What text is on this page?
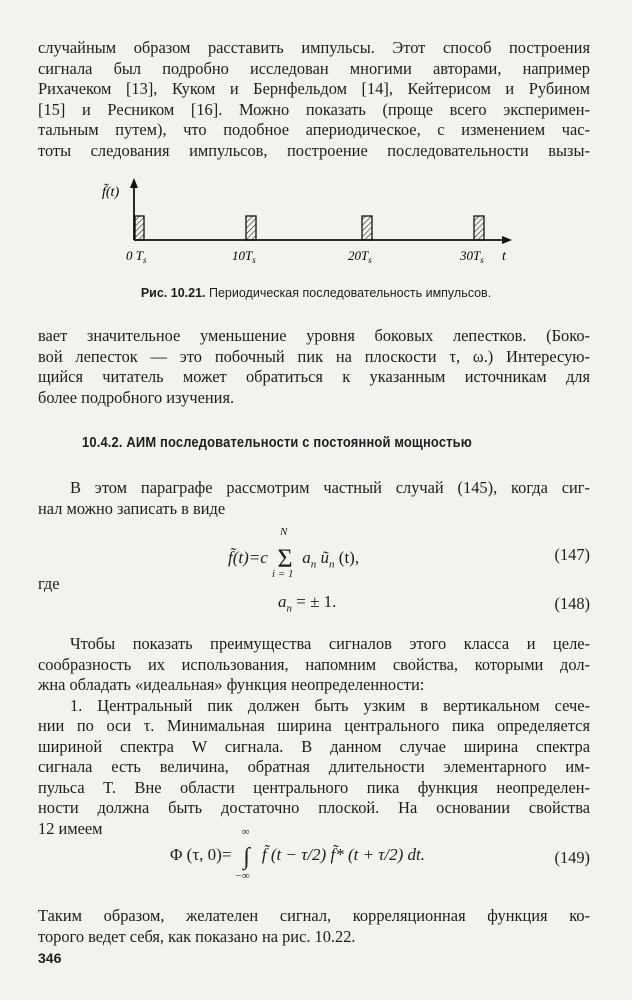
случайным образом расставить импульсы. Этот способ построения
сигнала был подробно исследован многими авторами, например
Рихачеком [13], Куком и Бернфельдом [14], Кейтерисом и Рубином
[15] и Ресником [16]. Можно показать (проще всего эксперимен-
тальным путем), что подобное апериодическое, с изменением час-
тоты следования импульсов, построение последовательности вызы-
f̃(t)
0 $T_s$	$10T_s$	$20T_s$	$30T_s$ t
Рис. 10.21. Периодическая последовательность импульсов.
вает значительное уменьшение уровня боковых лепестков. (Боко-
вой лепесток — это побочный пик на плоскости τ, ω.) Интересую-
щийся читатель может обратиться к указанным источникам для
более подробного изучения.
10.4.2. АИМ последовательности с постоянной мощностью
В этом параграфе рассмотрим частный случай (145), когда сиг-
нал можно записать в виде
f̃(t)=c
N
Σ
i = 1
$a_n$ $ũ_n$ (t),	(147)
где
$a_n$ = ± 1.	(148)
Чтобы показать преимущества сигналов этого класса и целе-
сообразность их использования, напомним свойства, которыми дол-
жна обладать «идеальная» функция неопределенности:
1. Центральный пик должен быть узким в вертикальном сече-
нии по оси τ. Минимальная ширина центрального пика определяется
шириной спектра W сигнала. В данном случае ширина спектра
сигнала есть величина, обратная длительности элементарного им-
пульса T. Вне области центрального пика функция неопределен-
ности должна быть достаточно плоской. На основании свойства
12 имеем
Φ (τ, 0)=
∞
∫
−∞
f̃ (t − τ/2) f̃* (t + τ/2) dt.	(149)
Таким образом, желателен сигнал, корреляционная функция ко-
торого ведет себя, как показано на рис. 10.22.
346
